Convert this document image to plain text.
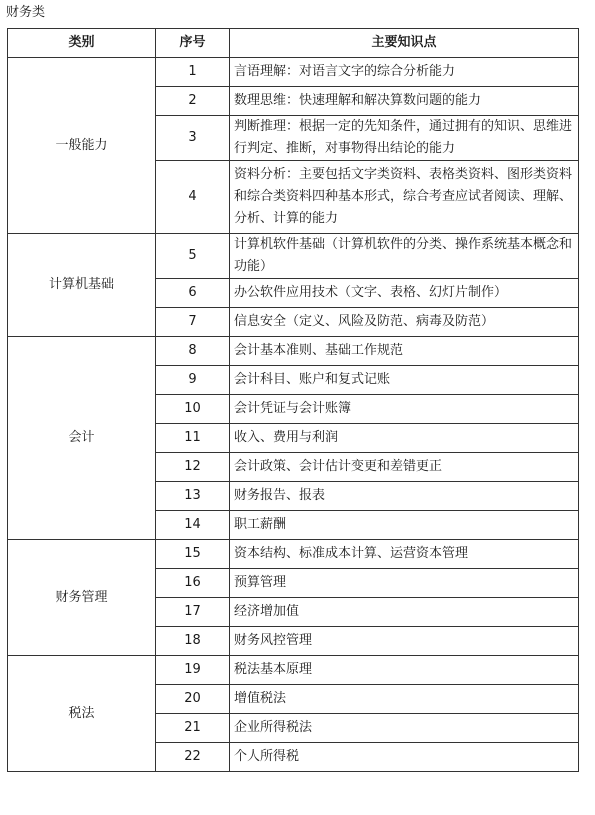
财务类
类别	序号	主要知识点
一般能力	1	言语理解：对语言文字的综合分析能力
	2	数理思维：快速理解和解决算数问题的能力
	3	判断推理：根据一定的先知条件，通过拥有的知识、思维进行判定、推断，对事物得出结论的能力
	4	资料分析：主要包括文字类资料、表格类资料、图形类资料和综合类资料四种基本形式，综合考查应试者阅读、理解、分析、计算的能力
计算机基础	5	计算机软件基础（计算机软件的分类、操作系统基本概念和功能）
	6	办公软件应用技术（文字、表格、幻灯片制作）
	7	信息安全（定义、风险及防范、病毒及防范）
会计	8	会计基本准则、基础工作规范
	9	会计科目、账户和复式记账
	10	会计凭证与会计账簿
	11	收入、费用与利润
	12	会计政策、会计估计变更和差错更正
	13	财务报告、报表
	14	职工薪酬
财务管理	15	资本结构、标准成本计算、运营资本管理
	16	预算管理
	17	经济增加值
	18	财务风控管理
税法	19	税法基本原理
	20	增值税法
	21	企业所得税法
	22	个人所得税
